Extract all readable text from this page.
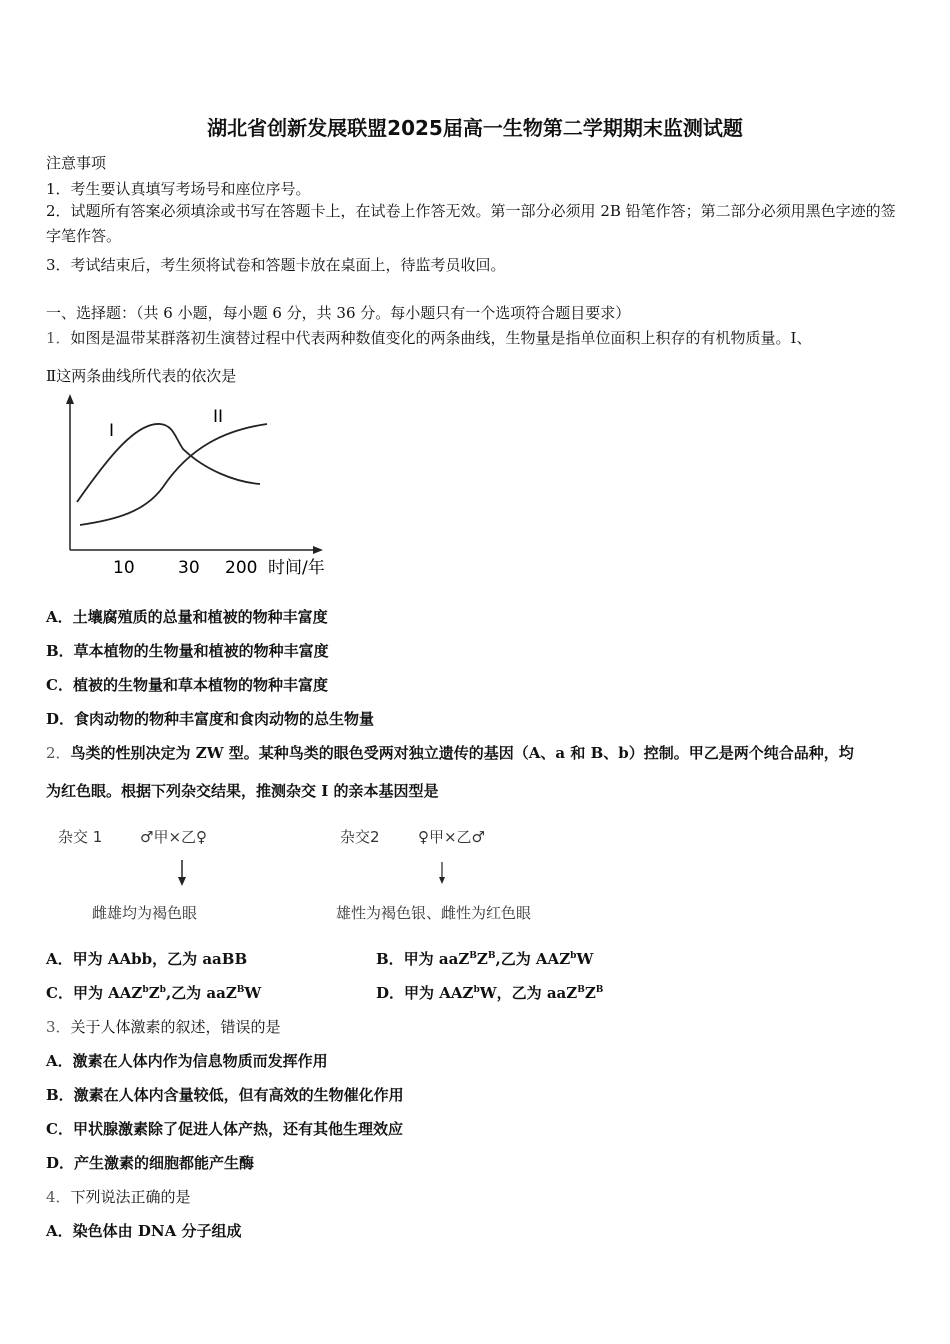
湖北省创新发展联盟2025届高一生物第二学期期末监测试题
注意事项
1．考生要认真填写考场号和座位序号。
2．试题所有答案必须填涂或书写在答题卡上，在试卷上作答无效。第一部分必须用 2B 铅笔作答；第二部分必须用黑色字迹的签字笔作答。
3．考试结束后，考生须将试卷和答题卡放在桌面上，待监考员收回。
一、选择题：（共 6 小题，每小题 6 分，共 36 分。每小题只有一个选项符合题目要求）
1．如图是温带某群落初生演替过程中代表两种数值变化的两条曲线，生物量是指单位面积上积存的有机物质量。Ⅰ、
Ⅱ这两条曲线所代表的依次是
I
II
10	30 200 时间/年
A．土壤腐殖质的总量和植被的物种丰富度
B．草本植物的生物量和植被的物种丰富度
C．植被的生物量和草本植物的物种丰富度
D．食肉动物的物种丰富度和食肉动物的总生物量
2．鸟类的性别决定为 ZW 型。某种鸟类的眼色受两对独立遗传的基因（A、a 和 B、b）控制。甲乙是两个纯合品种，均
为红色眼。根据下列杂交结果，推测杂交 I 的亲本基因型是
杂交 1	♂甲×乙♀
雌雄均为褐色眼
杂交2	♀甲×乙♂
雄性为褐色银、雌性为红色眼
A．甲为 AAbb，乙为 aaBB	B．甲为 $aaZ^BZ^B$,乙为 AAZ$^b$W
C．甲为 $AAZ^bZ^b$,乙为 aaZ$^B$W	D．甲为 AAZ$^b$W，乙为 $aaZ^BZ^B$
3．关于人体激素的叙述，错误的是
A．激素在人体内作为信息物质而发挥作用
B．激素在人体内含量较低，但有高效的生物催化作用
C．甲状腺激素除了促进人体产热，还有其他生理效应
D．产生激素的细胞都能产生酶
4．下列说法正确的是
A．染色体由 DNA 分子组成
